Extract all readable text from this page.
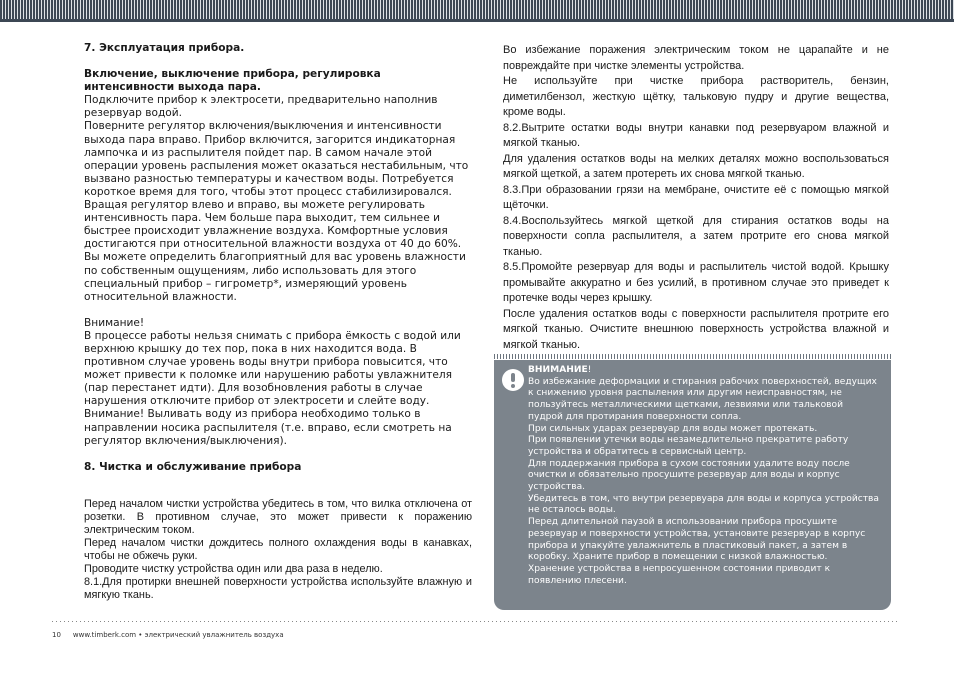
7. Эксплуатация прибора.

Включение, выключение прибора, регулировка интенсивности выхода пара.

Подключите прибор к электросети, предварительно наполнив резервуар водой.

Поверните регулятор включения/выключения и интенсивности выхода пара вправо. Прибор включится, загорится индикаторная лампочка и из распылителя пойдет пар. В самом начале этой операции уровень распыления может оказаться нестабильным, что вызвано разностью температуры и качеством воды. Потребуется короткое время для того, чтобы этот процесс стабилизировался. Вращая регулятор влево и вправо, вы можете регулировать интенсивность пара. Чем больше пара выходит, тем сильнее и быстрее происходит увлажнение воздуха. Комфортные условия достигаются при относительной влажности воздуха от 40 до 60%. Вы можете определить благоприятный для вас уровень влажности по собственным ощущениям, либо использовать для этого специальный прибор – гигрометр*, измеряющий уровень относительной влажности.

Внимание!

В процессе работы нельзя снимать с прибора ёмкость с водой или верхнюю крышку до тех пор, пока в них находится вода. В противном случае уровень воды внутри прибора повысится, что может привести к поломке или нарушению работы увлажнителя (пар перестанет идти). Для возобновления работы в случае нарушения отключите прибор от электросети и слейте воду. Внимание! Выливать воду из прибора необходимо только в направлении носика распылителя (т.е. вправо, если смотреть на регулятор включения/выключения).

8. Чистка и обслуживание прибора

Перед началом чистки устройства убедитесь в том, что вилка отключена от розетки. В противном случае, это может привести к поражению электрическим током.

Перед началом чистки дождитесь полного охлаждения воды в канавках, чтобы не обжечь руки.

Проводите чистку устройства один или два раза в неделю.

8.1.Для протирки внешней поверхности устройства используйте влажную и мягкую ткань.

Во избежание поражения электрическим током не царапайте и не повреждайте при чистке элементы устройства.

Не используйте при чистке прибора растворитель, бензин, диметилбензол, жесткую щётку, тальковую пудру и другие вещества, кроме воды.

8.2.Вытрите остатки воды внутри канавки под резервуаром влажной и мягкой тканью.

Для удаления остатков воды на мелких деталях можно воспользоваться мягкой щеткой, а затем протереть их снова мягкой тканью.

8.3.При образовании грязи на мембране, очистите её с помощью мягкой щёточки.

8.4.Воспользуйтесь мягкой щеткой для стирания остатков воды на поверхности сопла распылителя, а затем протрите его снова мягкой тканью.

8.5.Промойте резервуар для воды и распылитель чистой водой. Крышку промывайте аккуратно и без усилий, в противном случае это приведет к протечке воды через крышку.

После удаления остатков воды с поверхности распылителя протрите его мягкой тканью. Очистите внешнюю поверхность устройства влажной и мягкой тканью.

ВНИМАНИЕ!

Во избежание деформации и стирания рабочих поверхностей, ведущих к снижению уровня распыления или другим неисправностям, не пользуйтесь металлическими щетками, лезвиями или тальковой пудрой для протирания поверхности сопла.

При сильных ударах резервуар для воды может протекать.

При появлении утечки воды незамедлительно прекратите работу устройства и обратитесь в сервисный центр.

Для поддержания прибора в сухом состоянии удалите воду после очистки и обязательно просушите резервуар для воды и корпус устройства.

Убедитесь в том, что внутри резервуара для воды и корпуса устройства не осталось воды.

Перед длительной паузой в использовании прибора просушите резервуар и поверхности устройства, установите резервуар в корпус прибора и упакуйте увлажнитель в пластиковый пакет, а затем в коробку. Храните прибор в помещении с низкой влажностью.

Хранение устройства в непросушенном состоянии приводит к появлению плесени.

10 www.timberk.com • электрический увлажнитель воздуха
